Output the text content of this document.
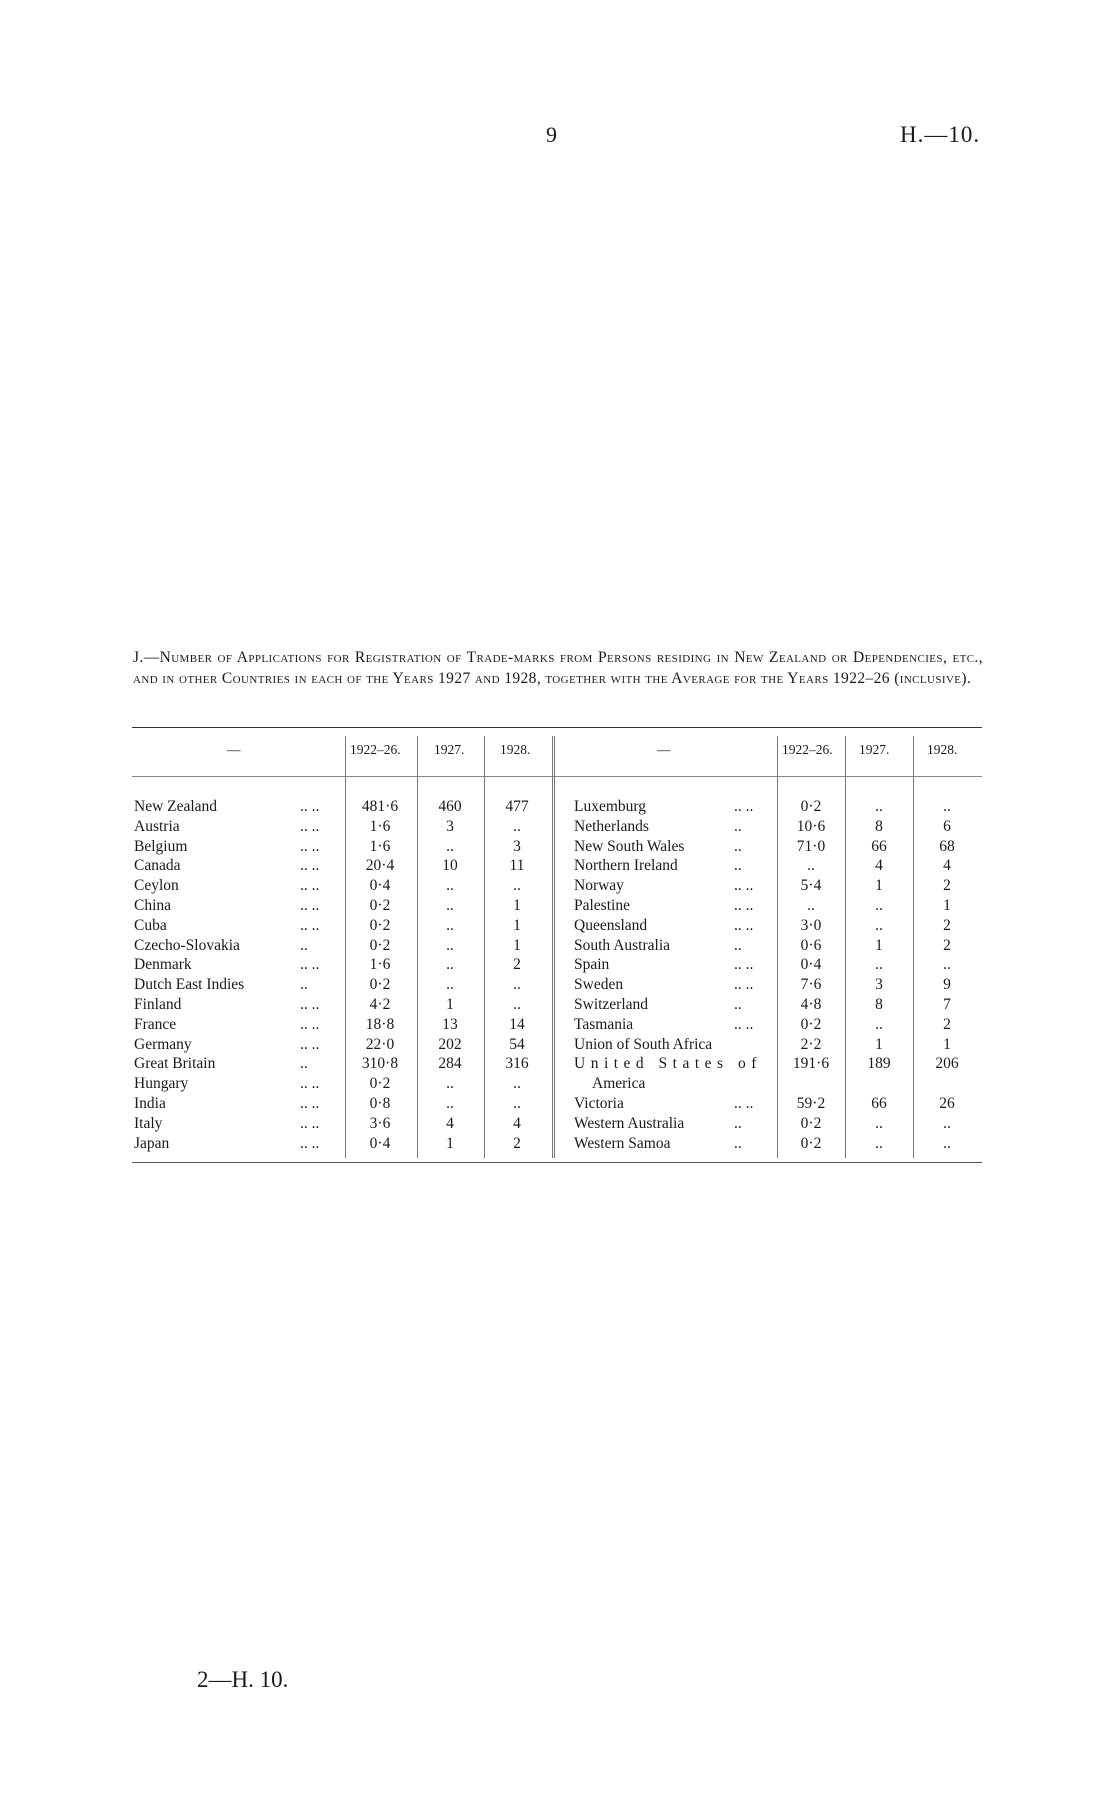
9	H.—10.
J.—Number of Applications for Registration of Trade-marks from Persons residing in New Zealand or Dependencies, etc., and in other Countries in each of the Years 1927 and 1928, together with the Average for the Years 1922–26 (inclusive).
—	1922–26. 1927.	1928.	—	1922–26. 1927.	1928.
New Zealand	.. ..	481·6	460	477
Austria	.. ..	1·6	3	..
Belgium	.. ..	1·6	..	3
Canada	.. ..	20·4	10	11
Ceylon	.. ..	0·4	..	..
China	.. ..	0·2	..	1
Cuba	.. ..	0·2	..	1
Czecho-Slovakia	..	0·2	..	1
Denmark	.. ..	1·6	..	2
Dutch East Indies	..	0·2	..	..
Finland	.. ..	4·2	1	..
France	.. ..	18·8	13	14
Germany	.. ..	22·0	202	54
Great Britain	..	310·8	284	316
Hungary	.. ..	0·2	..	..
India	.. ..	0·8	..	..
Italy	.. ..	3·6	4	4
Japan	.. ..	0·4	1	2
Luxemburg	.. ..	0·2	..	..
Netherlands	..	10·6	8	6
New South Wales	..	71·0	66	68
Northern Ireland	..	..	4	4
Norway	.. ..	5·4	1	2
Palestine	.. ..	..	..	1
Queensland	.. ..	3·0	..	2
South Australia	..	0·6	1	2
Spain	.. ..	0·4	..	..
Sweden	.. ..	7·6	3	9
Switzerland	..	4·8	8	7
Tasmania	.. ..	0·2	..	2
Union of South Africa	2·2	1	1
United States of	191·6	189	206
America
Victoria	.. ..	59·2	66	26
Western Australia	..	0·2	..	..
Western Samoa	..	0·2	..	..
2—H. 10.
